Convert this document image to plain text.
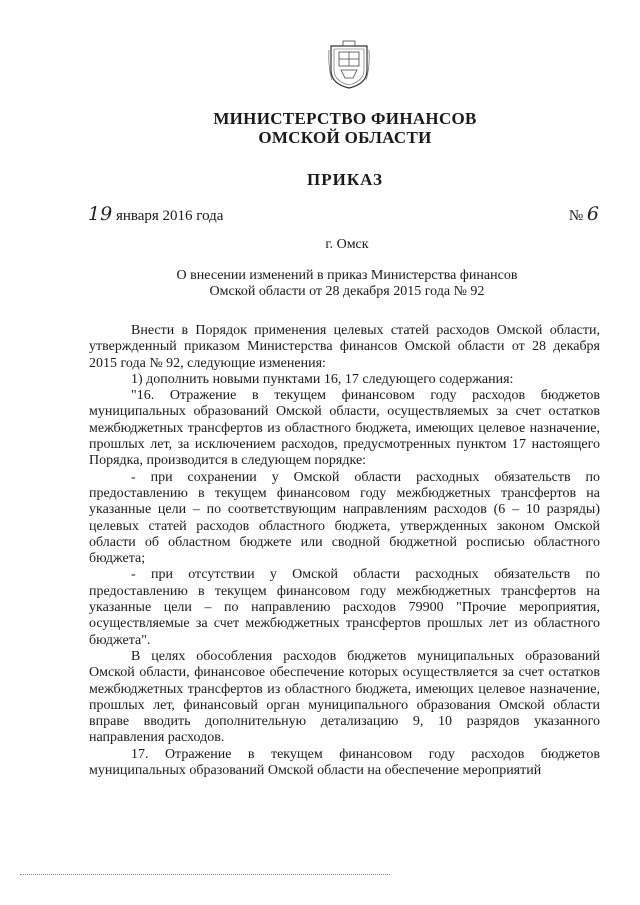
МИНИСТЕРСТВО ФИНАНСОВ
ОМСКОЙ ОБЛАСТИ
ПРИКАЗ
19 января 2016 года	№ 6
г. Омск
О внесении изменений в приказ Министерства финансов
Омской области от 28 декабря 2015 года № 92

Внести в Порядок применения целевых статей расходов Омской области, утвержденный приказом Министерства финансов Омской области от 28 декабря 2015 года № 92, следующие изменения:

1) дополнить новыми пунктами 16, 17 следующего содержания:

"16. Отражение в текущем финансовом году расходов бюджетов муниципальных образований Омской области, осуществляемых за счет остатков межбюджетных трансфертов из областного бюджета, имеющих целевое назначение, прошлых лет, за исключением расходов, предусмотренных пунктом 17 настоящего Порядка, производится в следующем порядке:

- при сохранении у Омской области расходных обязательств по предоставлению в текущем финансовом году межбюджетных трансфертов на указанные цели – по соответствующим направлениям расходов (6 – 10 разряды) целевых статей расходов областного бюджета, утвержденных законом Омской области об областном бюджете или сводной бюджетной росписью областного бюджета;

- при отсутствии у Омской области расходных обязательств по предоставлению в текущем финансовом году межбюджетных трансфертов на указанные цели – по направлению расходов 79900 "Прочие мероприятия, осуществляемые за счет межбюджетных трансфертов прошлых лет из областного бюджета".

В целях обособления расходов бюджетов муниципальных образований Омской области, финансовое обеспечение которых осуществляется за счет остатков межбюджетных трансфертов из областного бюджета, имеющих целевое назначение, прошлых лет, финансовый орган муниципального образования Омской области вправе вводить дополнительную детализацию 9, 10 разрядов указанного направления расходов.

17. Отражение в текущем финансовом году расходов бюджетов муниципальных образований Омской области на обеспечение мероприятий
